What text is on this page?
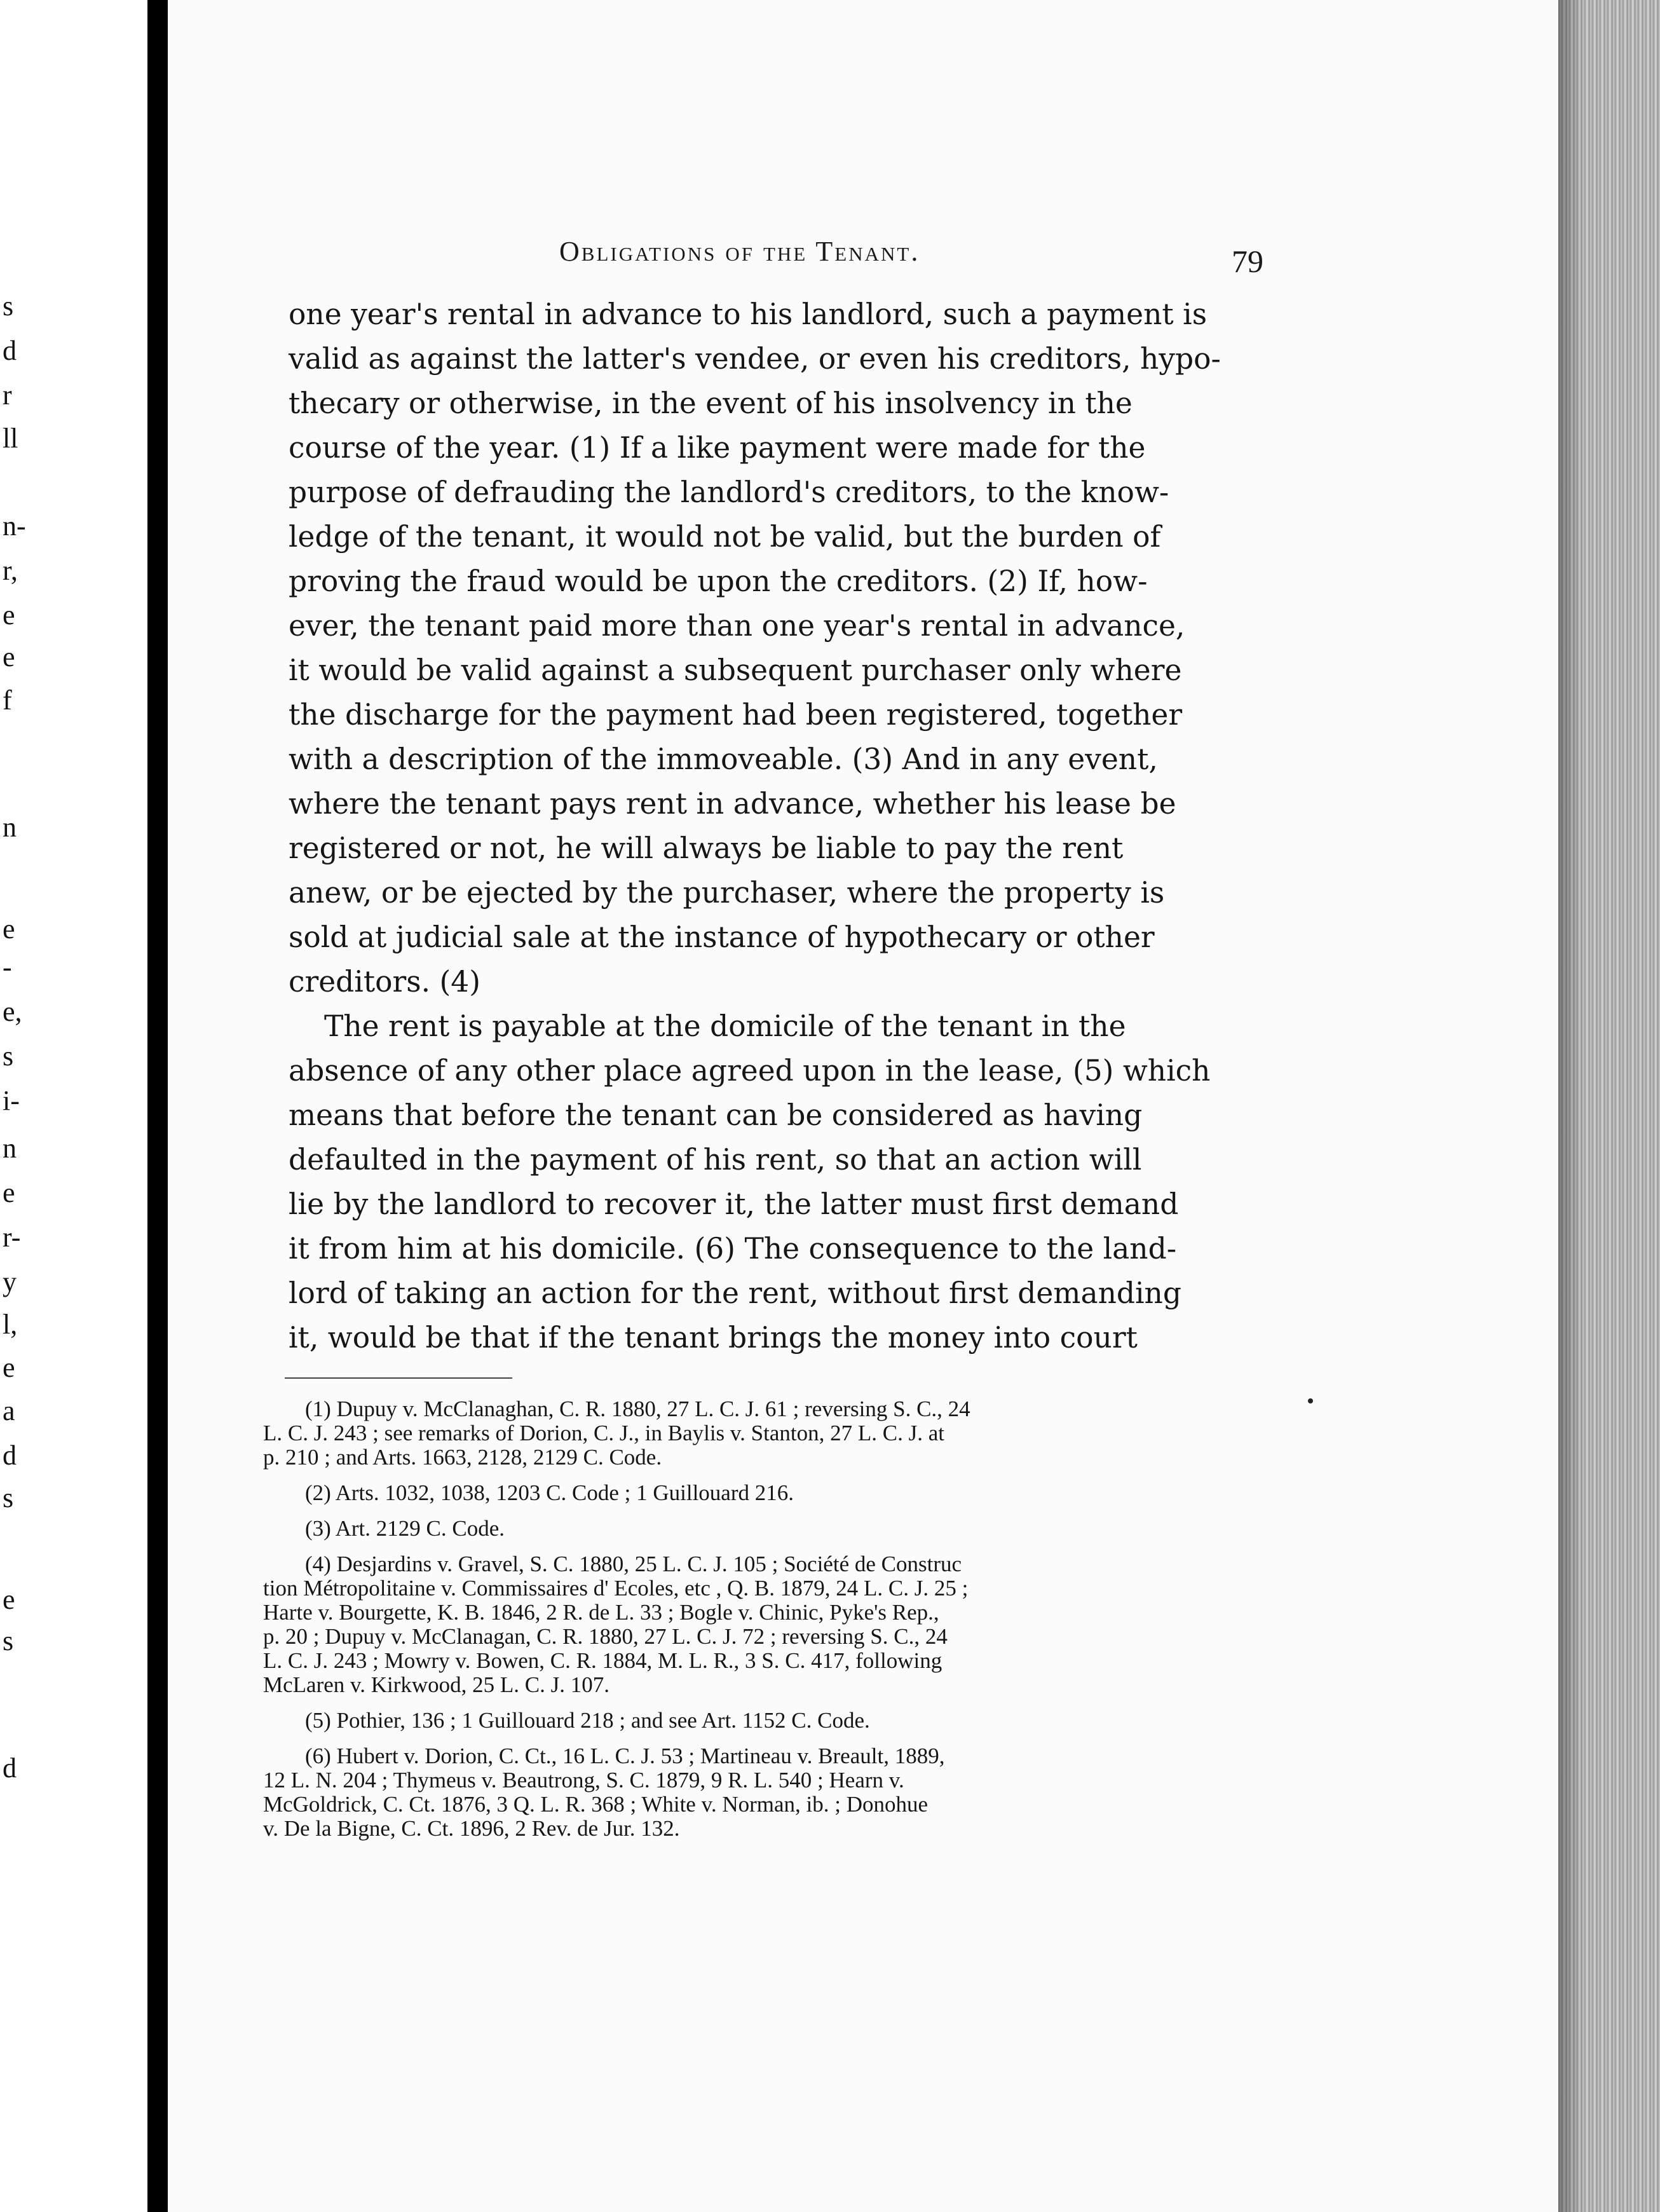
s
d
r
ll
n-
r,
e
e
f
n
e
-
e,
s
i-
n
e
r-
y
l,
e
a
d
s
e
s
d
Obligations of the Tenant.	79
one year's rental in advance to his landlord, such a payment is
valid as against the latter's vendee, or even his creditors, hypo-
thecary or otherwise, in the event of his insolvency in the
course of the year. (1) If a like payment were made for the
purpose of defrauding the landlord's creditors, to the know-
ledge of the tenant, it would not be valid, but the burden of
proving the fraud would be upon the creditors. (2) If, how-
ever, the tenant paid more than one year's rental in advance,
it would be valid against a subsequent purchaser only where
the discharge for the payment had been registered, together
with a description of the immoveable. (3) And in any event,
where the tenant pays rent in advance, whether his lease be
registered or not, he will always be liable to pay the rent
anew, or be ejected by the purchaser, where the property is
sold at judicial sale at the instance of hypothecary or other
creditors. (4)
The rent is payable at the domicile of the tenant in the
absence of any other place agreed upon in the lease, (5) which
means that before the tenant can be considered as having
defaulted in the payment of his rent, so that an action will
lie by the landlord to recover it, the latter must first demand
it from him at his domicile. (6) The consequence to the land-
lord of taking an action for the rent, without first demanding
it, would be that if the tenant brings the money into court
(1) Dupuy v. McClanaghan, C. R. 1880, 27 L. C. J. 61 ; reversing S. C., 24
L. C. J. 243 ; see remarks of Dorion, C. J., in Baylis v. Stanton, 27 L. C. J. at
p. 210 ; and Arts. 1663, 2128, 2129 C. Code.
(2) Arts. 1032, 1038, 1203 C. Code ; 1 Guillouard 216.
(3) Art. 2129 C. Code.
(4) Desjardins v. Gravel, S. C. 1880, 25 L. C. J. 105 ; Société de Construc
tion Métropolitaine v. Commissaires d' Ecoles, etc , Q. B. 1879, 24 L. C. J. 25 ;
Harte v. Bourgette, K. B. 1846, 2 R. de L. 33 ; Bogle v. Chinic, Pyke's Rep.,
p. 20 ; Dupuy v. McClanagan, C. R. 1880, 27 L. C. J. 72 ; reversing S. C., 24
L. C. J. 243 ; Mowry v. Bowen, C. R. 1884, M. L. R., 3 S. C. 417, following
McLaren v. Kirkwood, 25 L. C. J. 107.
(5) Pothier, 136 ; 1 Guillouard 218 ; and see Art. 1152 C. Code.
(6) Hubert v. Dorion, C. Ct., 16 L. C. J. 53 ; Martineau v. Breault, 1889,
12 L. N. 204 ; Thymeus v. Beautrong, S. C. 1879, 9 R. L. 540 ; Hearn v.
McGoldrick, C. Ct. 1876, 3 Q. L. R. 368 ; White v. Norman, ib. ; Donohue
v. De la Bigne, C. Ct. 1896, 2 Rev. de Jur. 132.
